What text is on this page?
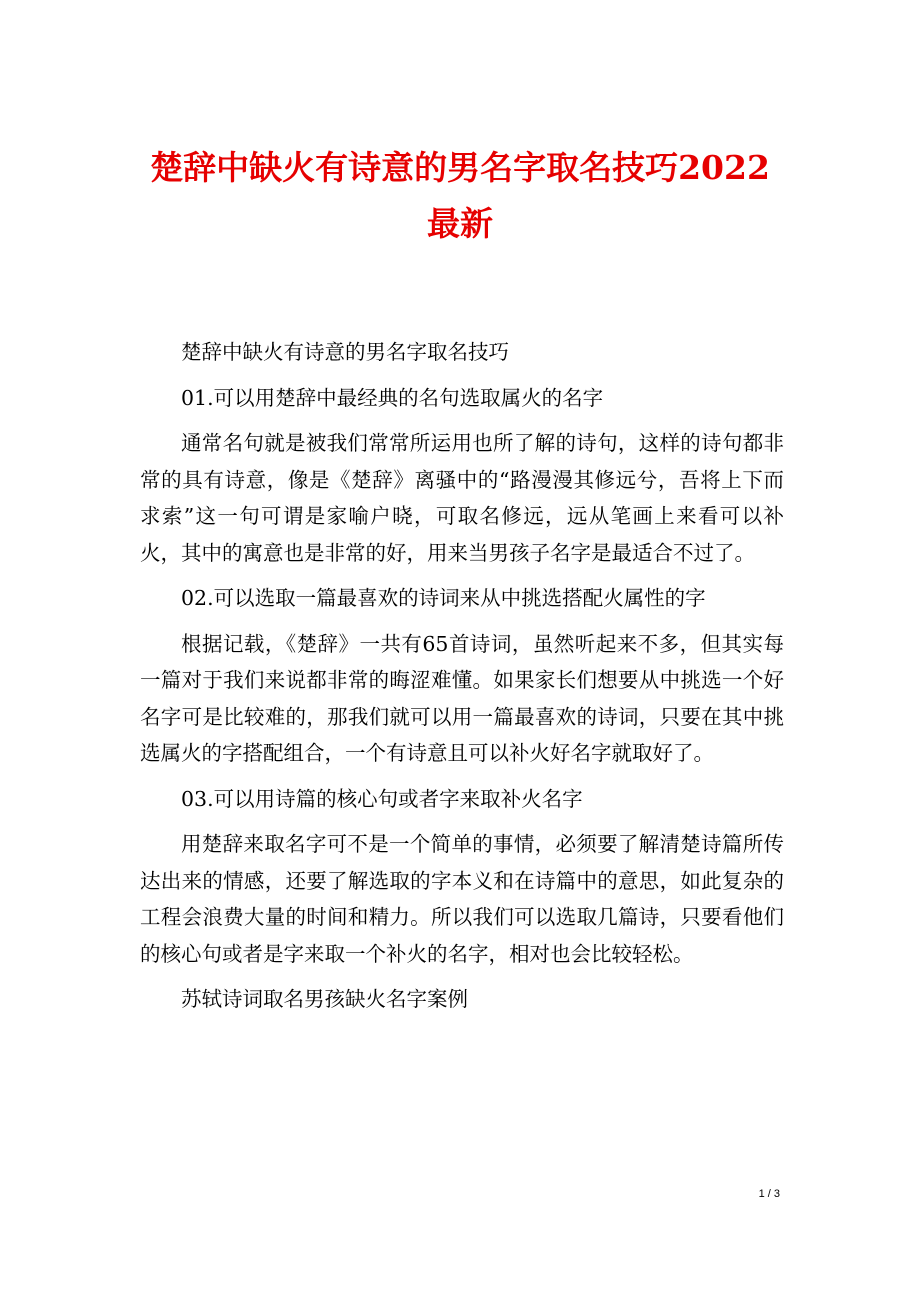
楚辞中缺火有诗意的男名字取名技巧2022最新

楚辞中缺火有诗意的男名字取名技巧

01.可以用楚辞中最经典的名句选取属火的名字

通常名句就是被我们常常所运用也所了解的诗句，这样的诗句都非常的具有诗意，像是《楚辞》离骚中的“路漫漫其修远兮，吾将上下而求索”这一句可谓是家喻户晓，可取名修远，远从笔画上来看可以补火，其中的寓意也是非常的好，用来当男孩子名字是最适合不过了。

02.可以选取一篇最喜欢的诗词来从中挑选搭配火属性的字

根据记载，《楚辞》一共有65首诗词，虽然听起来不多，但其实每一篇对于我们来说都非常的晦涩难懂。如果家长们想要从中挑选一个好名字可是比较难的，那我们就可以用一篇最喜欢的诗词，只要在其中挑选属火的字搭配组合，一个有诗意且可以补火好名字就取好了。

03.可以用诗篇的核心句或者字来取补火名字

用楚辞来取名字可不是一个简单的事情，必须要了解清楚诗篇所传达出来的情感，还要了解选取的字本义和在诗篇中的意思，如此复杂的工程会浪费大量的时间和精力。所以我们可以选取几篇诗，只要看他们的核心句或者是字来取一个补火的名字，相对也会比较轻松。

苏轼诗词取名男孩缺火名字案例

1 / 3
